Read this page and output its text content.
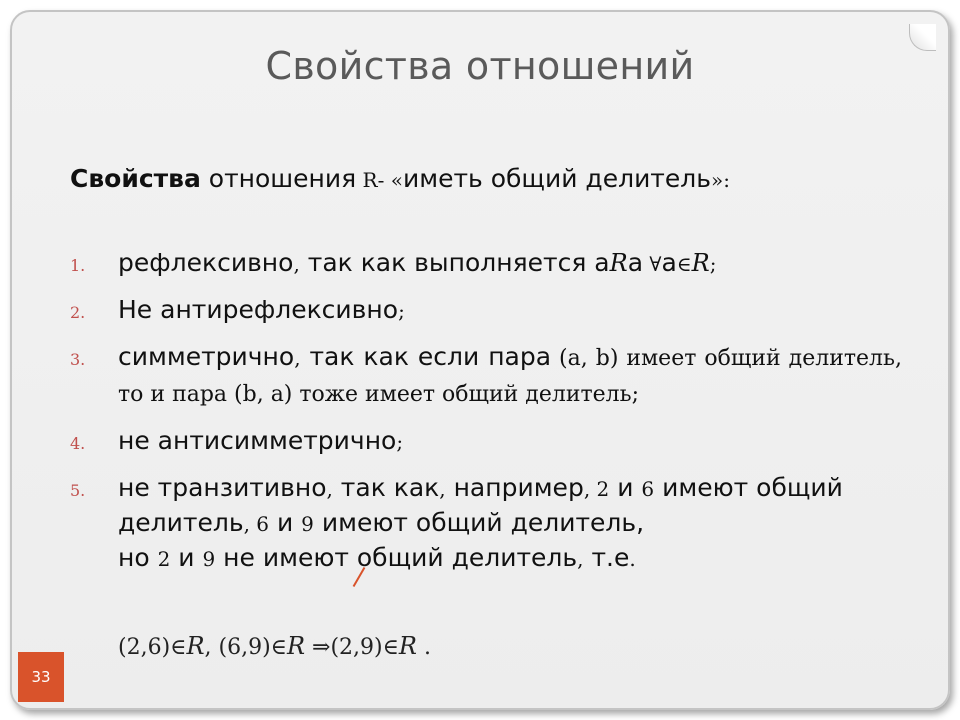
Свойства отношений
Свойства отношения R- «иметь общий делитель»:
1. рефлексивно, так как выполняется aRa ∀a∈R;
2. Не антирефлексивно;
3. симметрично, так как если пара (a, b) имеет общий делитель, то и пара (b, a) тоже имеет общий делитель;
4. не антисимметрично;
5. не транзитивно, так как, например, 2 и 6 имеют общий делитель, 6 и 9 имеют общий делитель,
но 2 и 9 не имеют общий делитель, т.е.
(2,6)∈R, (6,9)∈R ⇒(2,9)∈R .
33
